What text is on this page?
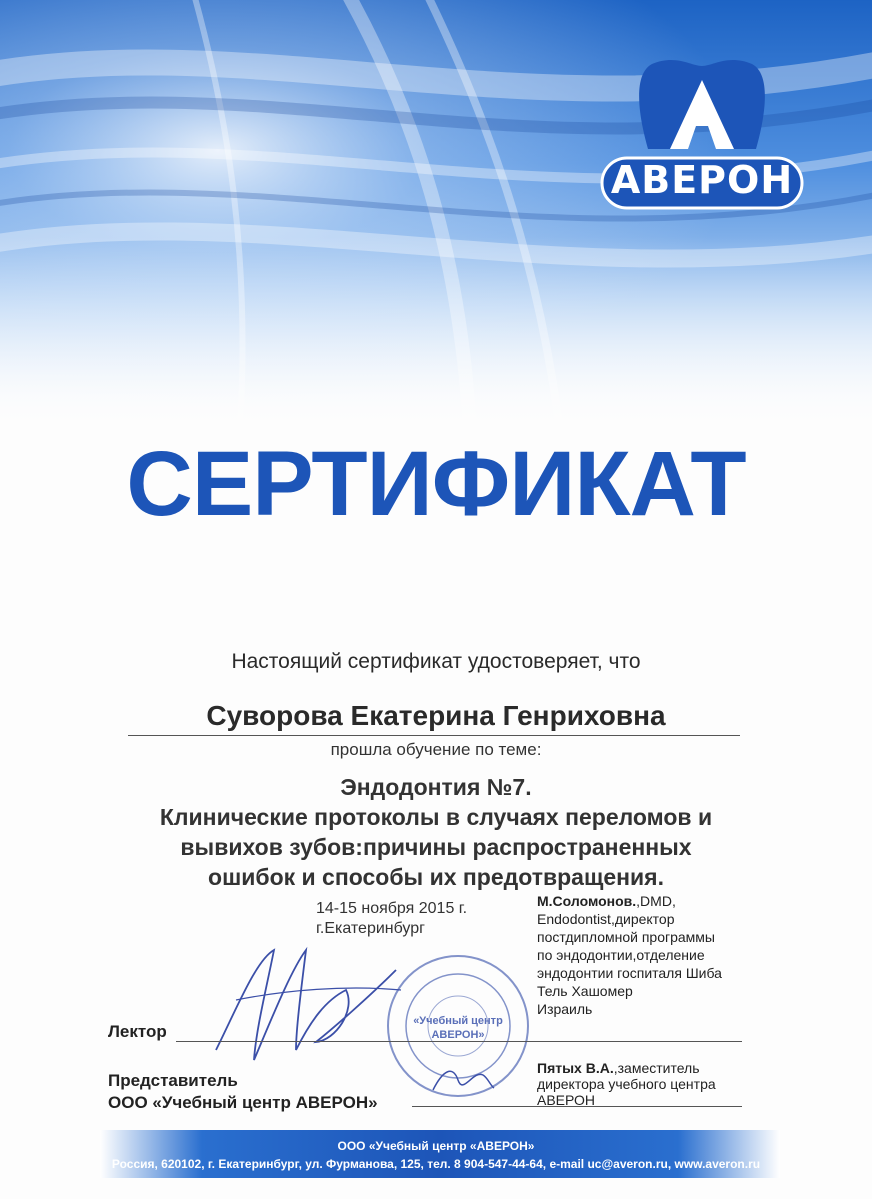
АВЕРОН
СЕРТИФИКАТ
Настоящий сертификат удостоверяет, что
Суворова Екатерина Генриховна
прошла обучение по теме:
Эндодонтия №7.
Клинические протоколы в случаях переломов и
вывихов зубов:причины распространенных
ошибок и способы их предотвращения.
14-15 ноября 2015 г.
г.Екатеринбург
М.Соломонов.,DMD,
Endodontist,директор
постдипломной программы
по эндодонтии,отделение
эндодонтии госпиталя Шиба
Тель Хашомер
Израиль
«Учебный центр
АВЕРОН»
Лектор
Представитель
ООО «Учебный центр АВЕРОН»
Пятых В.А.,заместитель
директора учебного центра
АВЕРОН
ООО «Учебный центр «АВЕРОН»
Россия, 620102, г. Екатеринбург, ул. Фурманова, 125, тел. 8 904-547-44-64, e-mail uc@averon.ru, www.averon.ru
